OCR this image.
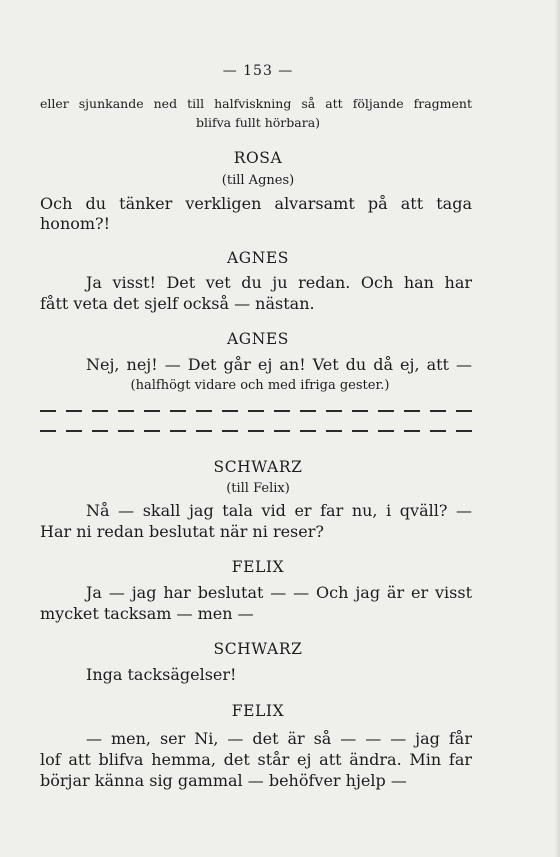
— 153 —
eller sjunkande ned till halfviskning så att följande fragment
blifva fullt hörbara)
ROSA
(till Agnes)
Och du tänker verkligen alvarsamt på att taga
honom?!
AGNES
Ja visst! Det vet du ju redan. Och han har
fått veta det sjelf också — nästan.
AGNES
Nej, nej! — Det går ej an! Vet du då ej, att —
(halfhögt vidare och med ifriga gester.)
SCHWARZ
(till Felix)
Nå — skall jag tala vid er far nu, i qväll? —
Har ni redan beslutat när ni reser?
FELIX
Ja — jag har beslutat — — Och jag är er visst
mycket tacksam — men —
SCHWARZ
Inga tacksägelser!
FELIX
— men, ser Ni, — det är så — — — jag får
lof att blifva hemma, det står ej att ändra. Min far
börjar känna sig gammal — behöfver hjelp —
